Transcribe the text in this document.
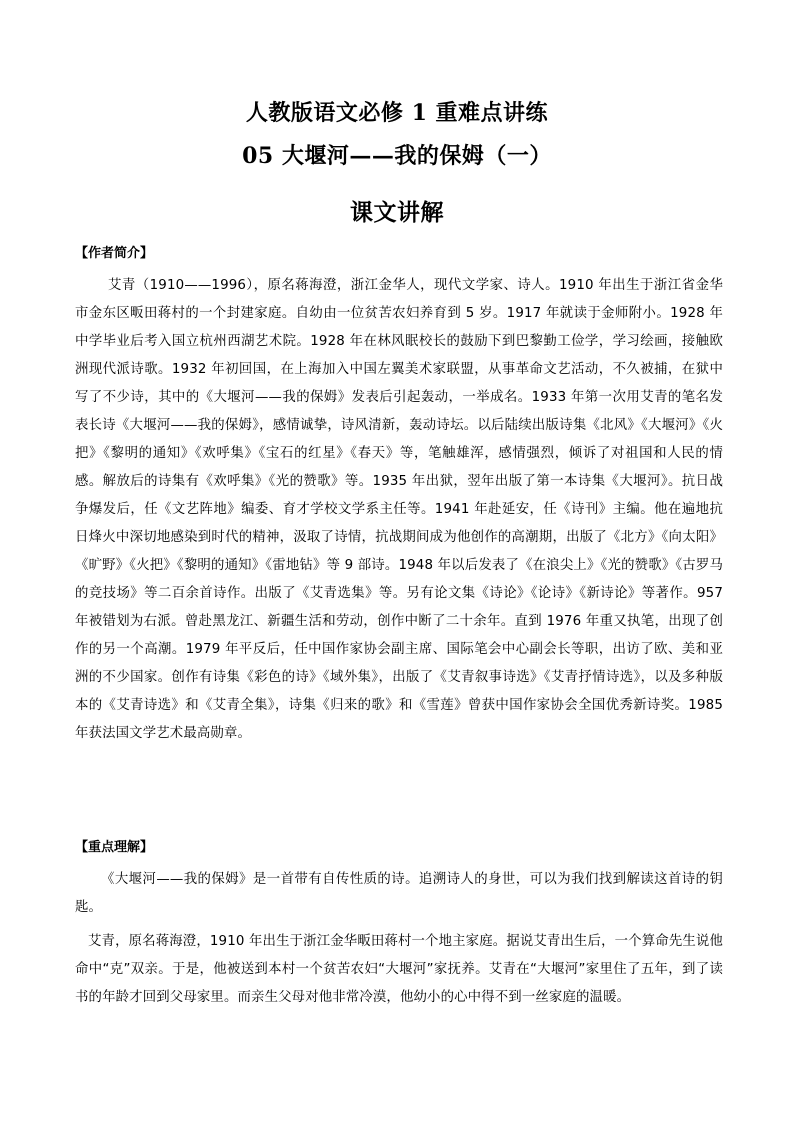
人教版语文必修 1 重难点讲练
05 大堰河——我的保姆（一）
课文讲解
【作者简介】
艾青（1910——1996），原名蒋海澄，浙江金华人，现代文学家、诗人。1910 年出生于浙江省金华市金东区畈田蒋村的一个封建家庭。自幼由一位贫苦农妇养育到 5 岁。1917 年就读于金师附小。1928 年中学毕业后考入国立杭州西湖艺术院。1928 年在林风眠校长的鼓励下到巴黎勤工俭学，学习绘画，接触欧洲现代派诗歌。1932 年初回国，在上海加入中国左翼美术家联盟，从事革命文艺活动，不久被捕，在狱中写了不少诗，其中的《大堰河——我的保姆》发表后引起轰动，一举成名。1933 年第一次用艾青的笔名发表长诗《大堰河——我的保姆》，感情诚挚，诗风清新，轰动诗坛。以后陆续出版诗集《北风》《大堰河》《火把》《黎明的通知》《欢呼集》《宝石的红星》《春天》等，笔触雄浑，感情强烈，倾诉了对祖国和人民的情感。解放后的诗集有《欢呼集》《光的赞歌》等。1935 年出狱，翌年出版了第一本诗集《大堰河》。抗日战争爆发后，任《文艺阵地》编委、育才学校文学系主任等。1941 年赴延安，任《诗刊》主编。他在遍地抗日烽火中深切地感染到时代的精神，汲取了诗情，抗战期间成为他创作的高潮期，出版了《北方》《向太阳》《旷野》《火把》《黎明的通知》《雷地钻》等 9 部诗。1948 年以后发表了《在浪尖上》《光的赞歌》《古罗马的竞技场》等二百余首诗作。出版了《艾青选集》等。另有论文集《诗论》《论诗》《新诗论》等著作。957 年被错划为右派。曾赴黑龙江、新疆生活和劳动，创作中断了二十余年。直到 1976 年重又执笔，出现了创作的另一个高潮。1979 年平反后，任中国作家协会副主席、国际笔会中心副会长等职，出访了欧、美和亚洲的不少国家。创作有诗集《彩色的诗》《域外集》，出版了《艾青叙事诗选》《艾青抒情诗选》，以及多种版本的《艾青诗选》和《艾青全集》，诗集《归来的歌》和《雪莲》曾获中国作家协会全国优秀新诗奖。1985 年获法国文学艺术最高勋章。
【重点理解】
《大堰河——我的保姆》是一首带有自传性质的诗。追溯诗人的身世，可以为我们找到解读这首诗的钥匙。
艾青，原名蒋海澄，1910 年出生于浙江金华畈田蒋村一个地主家庭。据说艾青出生后，一个算命先生说他命中“克”双亲。于是，他被送到本村一个贫苦农妇“大堰河”家抚养。艾青在“大堰河”家里住了五年，到了读书的年龄才回到父母家里。而亲生父母对他非常冷漠，他幼小的心中得不到一丝家庭的温暖。
